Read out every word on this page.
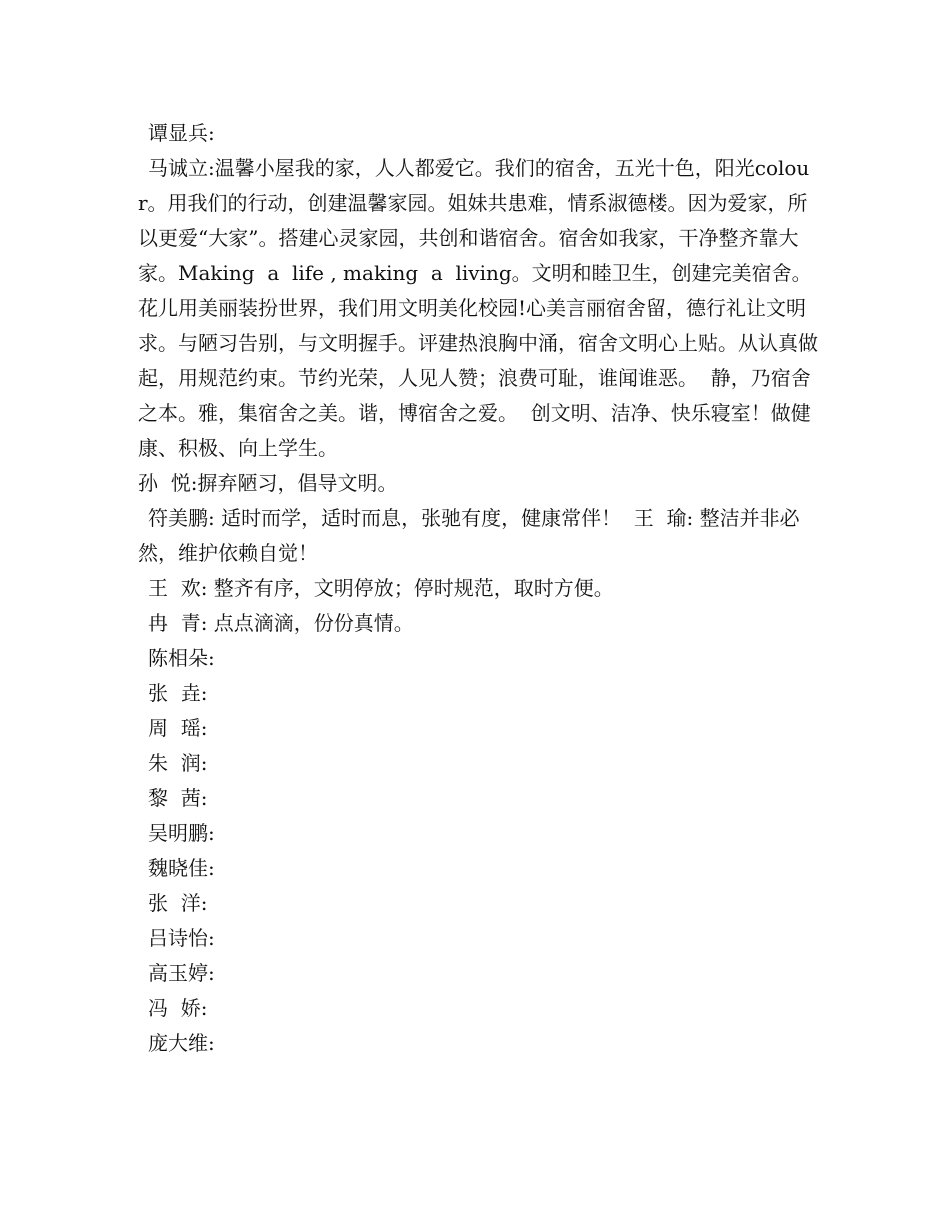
谭显兵:
马诚立:温馨小屋我的家，人人都爱它。我们的宿舍，五光十色，阳光colour。用我们的行动，创建温馨家园。姐妹共患难，情系淑德楼。因为爱家，所以更爱“大家”。搭建心灵家园，共创和谐宿舍。宿舍如我家，干净整齐靠大家。Making  a  life , making  a  living。文明和睦卫生，创建完美宿舍。花儿用美丽装扮世界，我们用文明美化校园!心美言丽宿舍留，德行礼让文明求。与陋习告别，与文明握手。评建热浪胸中涌，宿舍文明心上贴。从认真做起，用规范约束。节约光荣，人见人赞；浪费可耻，谁闻谁恶。  静，乃宿舍之本。雅，集宿舍之美。谐，博宿舍之爱。  创文明、洁净、快乐寝室！做健康、积极、向上学生。
孙  悦:摒弃陋习，倡导文明。
符美鹏: 适时而学，适时而息，张驰有度，健康常伴！  王  瑜: 整洁并非必然，维护依赖自觉！
王  欢: 整齐有序，文明停放；停时规范，取时方便。
冉  青: 点点滴滴，份份真情。
陈相朵:
张  垚:
周  瑶:
朱  润:
黎  茜:
吴明鹏:
魏晓佳:
张  洋:
吕诗怡:
高玉婷:
冯  娇:
庞大维:
